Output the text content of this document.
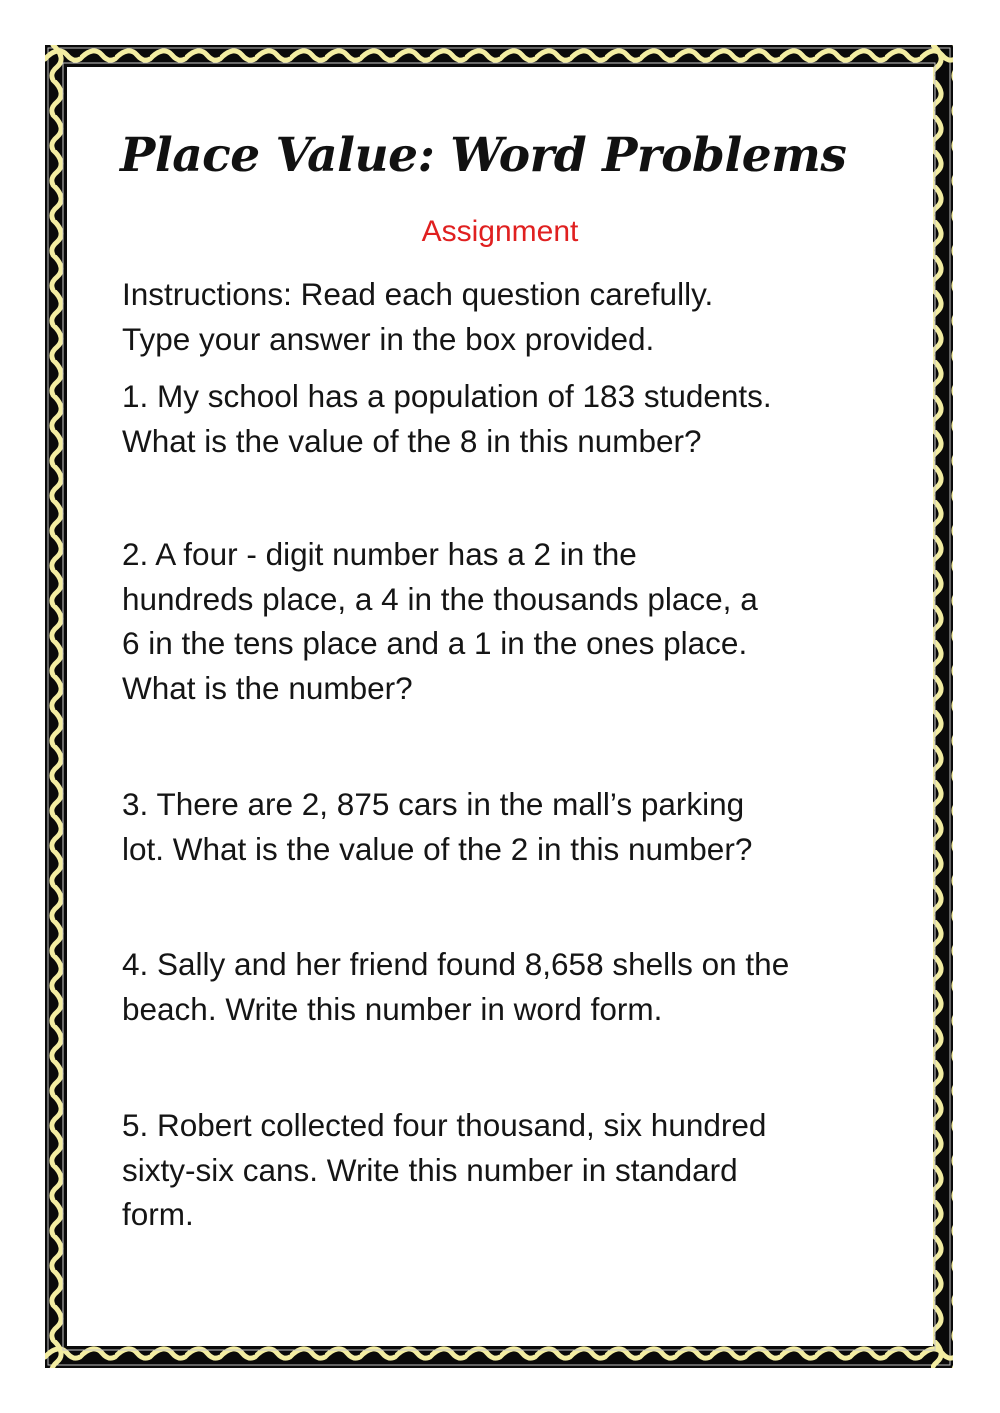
Place Value: Word Problems
Assignment
Instructions: Read each question carefully.
Type your answer in the box provided.
1. My school has a population of 183 students.
What is the value of the 8 in this number?
2. A four - digit number has a 2 in the
hundreds place, a 4 in the thousands place, a
6 in the tens place and a 1 in the ones place.
What is the number?
3. There are 2, 875 cars in the mall’s parking
lot. What is the value of the 2 in this number?
4. Sally and her friend found 8,658 shells on the
beach. Write this number in word form.
5. Robert collected four thousand, six hundred
sixty-six cans. Write this number in standard
form.
